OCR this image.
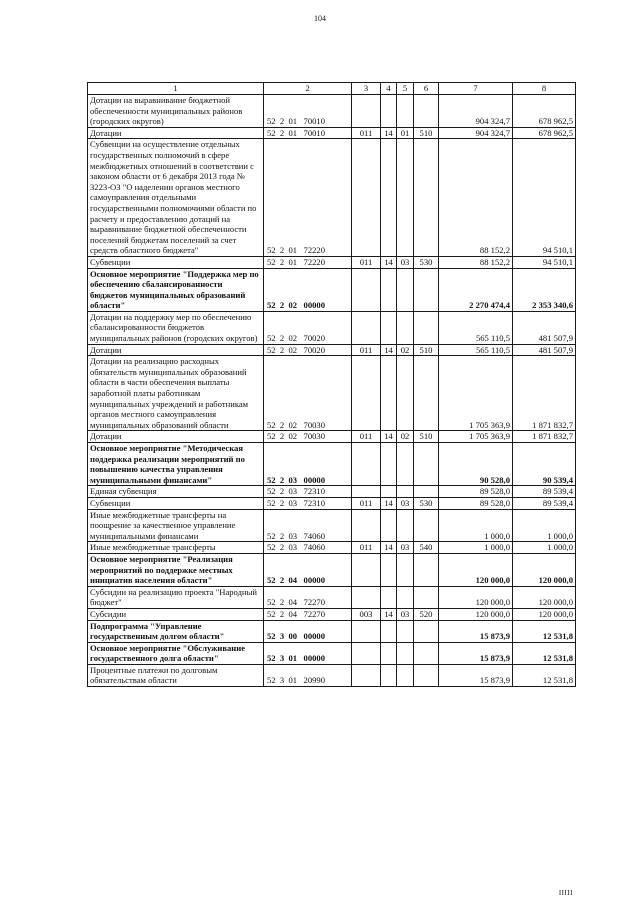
104
1	2	3	4	5	6	7	8
Дотации на выравнивание бюджетной обеспеченности муниципальных районов (городских округов)	52  2  01   70010					904 324,7	678 962,5
Дотации	52  2  01   70010	011	14	01	510	904 324,7	678 962,5
Субвенции на осуществление отдельных государственных полномочий в сфере межбюджетных отношений в соответствии с законом области от 6 декабря 2013 года № 3223-ОЗ "О наделении органов местного самоуправления отдельными государственными полномочиями области по расчету и предоставлению дотаций на выравнивание бюджетной обеспеченности поселений бюджетам поселений за счет средств областного бюджета"	52  2  01   72220					88 152,2	94 510,1
Субвенции	52  2  01   72220	011	14	03	530	88 152,2	94 510,1
Основное мероприятие "Поддержка мер по обеспечению сбалансированности бюджетов муниципальных образований области"	52  2  02   00000					2 270 474,4	2 353 340,6
Дотации на поддержку мер по обеспечению сбалансированности бюджетов муниципальных районов (городских округов)	52  2  02   70020					565 110,5	481 507,9
Дотации	52  2  02   70020	011	14	02	510	565 110,5	481 507,9
Дотации на реализацию расходных обязательств муниципальных образований области в части обеспечения выплаты заработной платы работникам муниципальных учреждений и работникам органов местного самоуправления муниципальных образований области	52  2  02   70030					1 705 363,9	1 871 832,7
Дотации	52  2  02   70030	011	14	02	510	1 705 363,9	1 871 832,7
Основное мероприятие "Методическая поддержка реализации мероприятий по повышению качества управления муниципальными финансами"	52  2  03   00000					90 528,0	90 539,4
Единая субвенция	52  2  03   72310					89 528,0	89 539,4
Субвенции	52  2  03   72310	011	14	03	530	89 528,0	89 539,4
Иные межбюджетные трансферты на поощрение за качественное управление муниципальными финансами	52  2  03   74060					1 000,0	1 000,0
Иные межбюджетные трансферты	52  2  03   74060	011	14	03	540	1 000,0	1 000,0
Основное мероприятие "Реализация мероприятий по поддержке местных инициатив населения области"	52  2  04   00000					120 000,0	120 000,0
Субсидии на реализацию проекта "Народный бюджет"	52  2  04   72270					120 000,0	120 000,0
Субсидии	52  2  04   72270	003	14	03	520	120 000,0	120 000,0
Подпрограмма "Управление государственным долгом области"	52  3  00   00000					15 873,9	12 531,8
Основное мероприятие "Обслуживание государственного долга области"	52  3  01   00000					15 873,9	12 531,8
Процентные платежи по долговым обязательствам области	52  3  01   20990					15 873,9	12 531,8
IIIII
